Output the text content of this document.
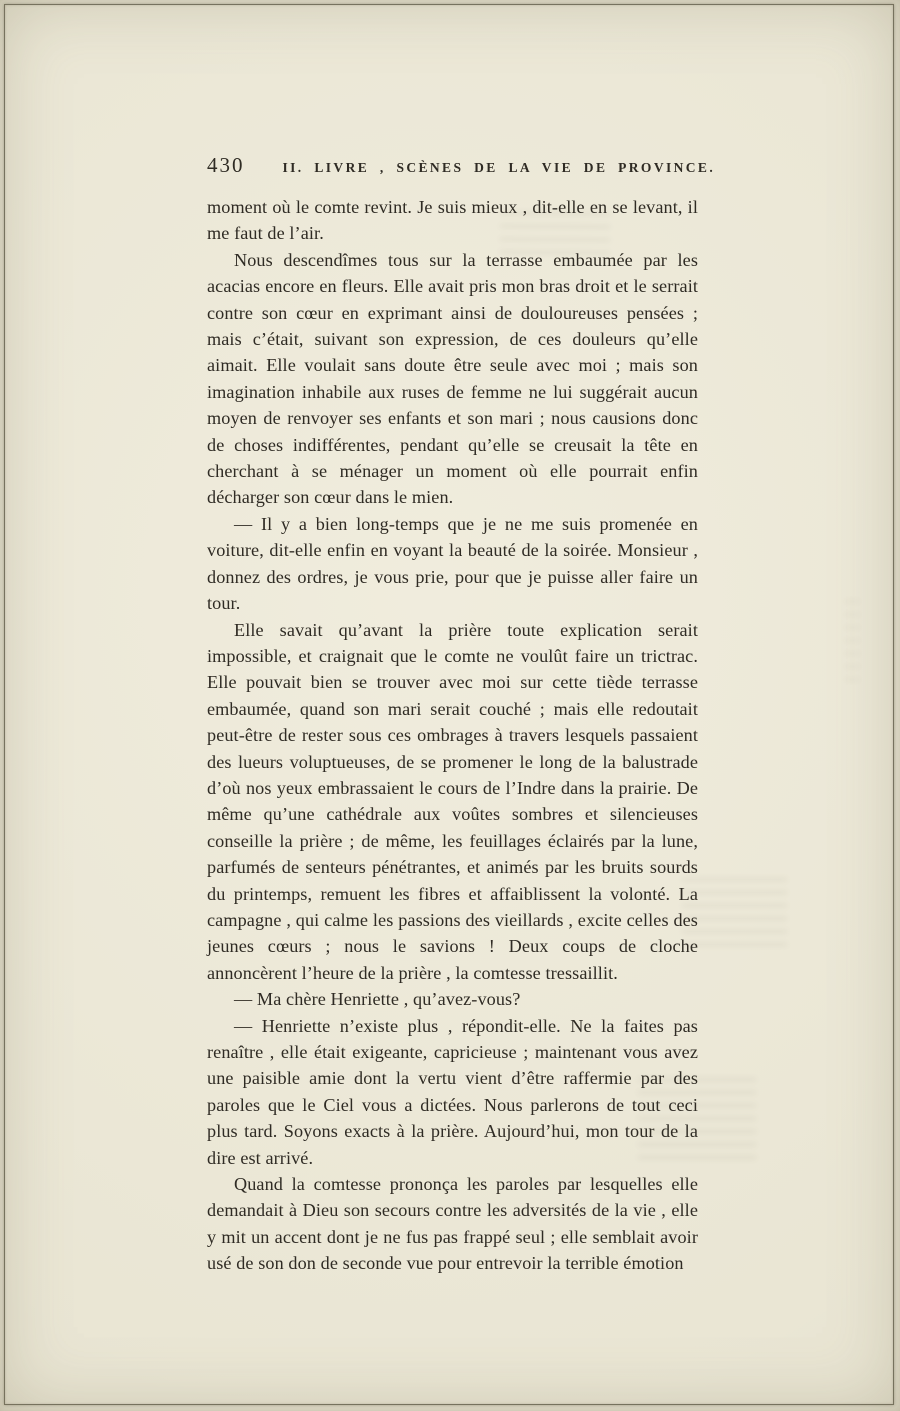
430	II. LIVRE , SCÈNES DE LA VIE DE PROVINCE.

moment où le comte revint. Je suis mieux , dit-elle en se levant, il me faut de l’air.

Nous descendîmes tous sur la terrasse embaumée par les acacias encore en fleurs. Elle avait pris mon bras droit et le serrait contre son cœur en exprimant ainsi de douloureuses pensées ; mais c’était, suivant son expression, de ces douleurs qu’elle aimait. Elle voulait sans doute être seule avec moi ; mais son imagination inhabile aux ruses de femme ne lui suggérait aucun moyen de renvoyer ses enfants et son mari ; nous causions donc de choses indifférentes, pendant qu’elle se creusait la tête en cherchant à se ménager un moment où elle pourrait enfin décharger son cœur dans le mien.

— Il y a bien long-temps que je ne me suis promenée en voiture, dit-elle enfin en voyant la beauté de la soirée. Monsieur , donnez des ordres, je vous prie, pour que je puisse aller faire un tour.

Elle savait qu’avant la prière toute explication serait impossible, et craignait que le comte ne voulût faire un trictrac. Elle pouvait bien se trouver avec moi sur cette tiède terrasse embaumée, quand son mari serait couché ; mais elle redoutait peut-être de rester sous ces ombrages à travers lesquels passaient des lueurs voluptueuses, de se promener le long de la balustrade d’où nos yeux embrassaient le cours de l’Indre dans la prairie. De même qu’une cathédrale aux voûtes sombres et silencieuses conseille la prière ; de même, les feuillages éclairés par la lune, parfumés de senteurs pénétrantes, et animés par les bruits sourds du printemps, remuent les fibres et affaiblissent la volonté. La campagne , qui calme les passions des vieillards , excite celles des jeunes cœurs ; nous le savions ! Deux coups de cloche annoncèrent l’heure de la prière , la comtesse tressaillit.

— Ma chère Henriette , qu’avez-vous?

— Henriette n’existe plus , répondit-elle. Ne la faites pas renaître , elle était exigeante, capricieuse ; maintenant vous avez une paisible amie dont la vertu vient d’être raffermie par des paroles que le Ciel vous a dictées. Nous parlerons de tout ceci plus tard. Soyons exacts à la prière. Aujourd’hui, mon tour de la dire est arrivé.

Quand la comtesse prononça les paroles par lesquelles elle demandait à Dieu son secours contre les adversités de la vie , elle y mit un accent dont je ne fus pas frappé seul ; elle semblait avoir usé de son don de seconde vue pour entrevoir la terrible émotion
